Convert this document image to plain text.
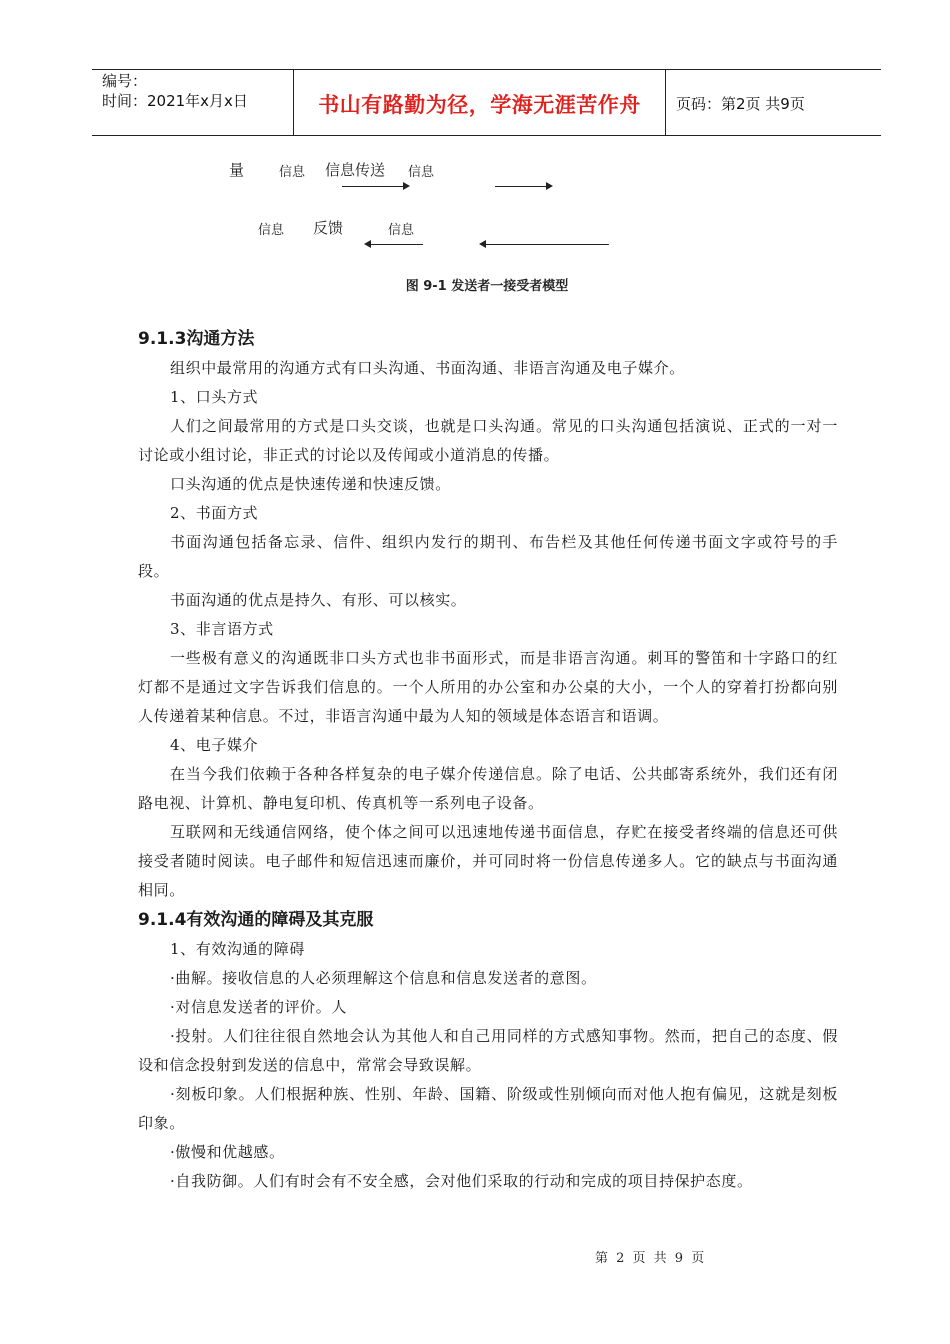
编号：
时间：2021年x月x日	书山有路勤为径，学海无涯苦作舟	页码：第2页 共9页
量	信息 信息传送 信息
信息 反馈	信息
图 9-1 发送者一接受者模型
9.1.3沟通方法

组织中最常用的沟通方式有口头沟通、书面沟通、非语言沟通及电子媒介。

1、口头方式

人们之间最常用的方式是口头交谈，也就是口头沟通。常见的口头沟通包括演说、正式的一对一讨论或小组讨论，非正式的讨论以及传闻或小道消息的传播。

口头沟通的优点是快速传递和快速反馈。

2、书面方式

书面沟通包括备忘录、信件、组织内发行的期刊、布告栏及其他任何传递书面文字或符号的手段。

书面沟通的优点是持久、有形、可以核实。

3、非言语方式

一些极有意义的沟通既非口头方式也非书面形式，而是非语言沟通。刺耳的警笛和十字路口的红灯都不是通过文字告诉我们信息的。一个人所用的办公室和办公桌的大小，一个人的穿着打扮都向别人传递着某种信息。不过，非语言沟通中最为人知的领域是体态语言和语调。

4、电子媒介

在当今我们依赖于各种各样复杂的电子媒介传递信息。除了电话、公共邮寄系统外，我们还有闭路电视、计算机、静电复印机、传真机等一系列电子设备。

互联网和无线通信网络，使个体之间可以迅速地传递书面信息，存贮在接受者终端的信息还可供接受者随时阅读。电子邮件和短信迅速而廉价，并可同时将一份信息传递多人。它的缺点与书面沟通相同。

9.1.4有效沟通的障碍及其克服

1、有效沟通的障碍

·曲解。接收信息的人必须理解这个信息和信息发送者的意图。

·对信息发送者的评价。人

·投射。人们往往很自然地会认为其他人和自己用同样的方式感知事物。然而，把自己的态度、假设和信念投射到发送的信息中，常常会导致误解。

·刻板印象。人们根据种族、性别、年龄、国籍、阶级或性别倾向而对他人抱有偏见，这就是刻板印象。

·傲慢和优越感。

·自我防御。人们有时会有不安全感，会对他们采取的行动和完成的项目持保护态度。

第 2 页 共 9 页
